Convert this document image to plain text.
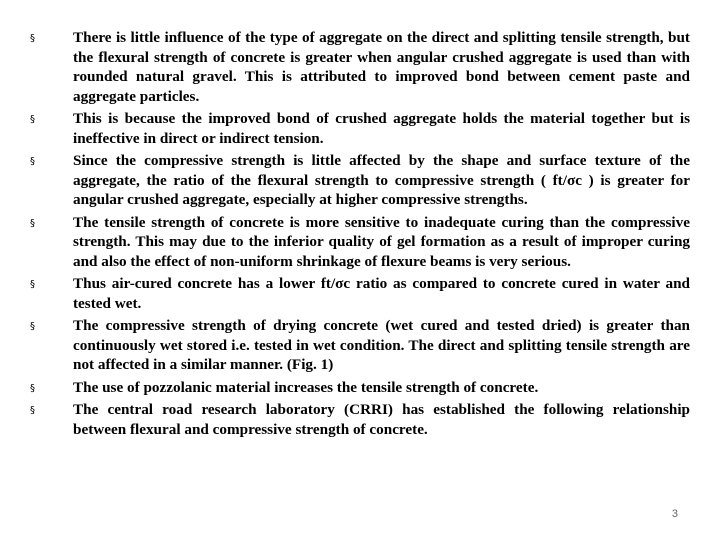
§	There is little influence of the type of aggregate on the direct and splitting tensile strength, but the flexural strength of concrete is greater when angular crushed aggregate is used than with rounded natural gravel. This is attributed to improved bond between cement paste and aggregate particles.
§	This is because the improved bond of crushed aggregate holds the material together but is ineffective in direct or indirect tension.
§	Since the compressive strength is little affected by the shape and surface texture of the aggregate, the ratio of the flexural strength to compressive strength ( ft/σc ) is greater for angular crushed aggregate, especially at higher compressive strengths.
§	The tensile strength of concrete is more sensitive to inadequate curing than the compressive strength. This may due to the inferior quality of gel formation as a result of improper curing and also the effect of non-uniform shrinkage of flexure beams is very serious.
§	Thus air-cured concrete has a lower ft/σc ratio as compared to concrete cured in water and tested wet.
§	The compressive strength of drying concrete (wet cured and tested dried) is greater than continuously wet stored i.e. tested in wet condition. The direct and splitting tensile strength are not affected in a similar manner. (Fig. 1)
§	The use of pozzolanic material increases the tensile strength of concrete.
§	The central road research laboratory (CRRI) has established the following relationship between flexural and compressive strength of concrete.
3
